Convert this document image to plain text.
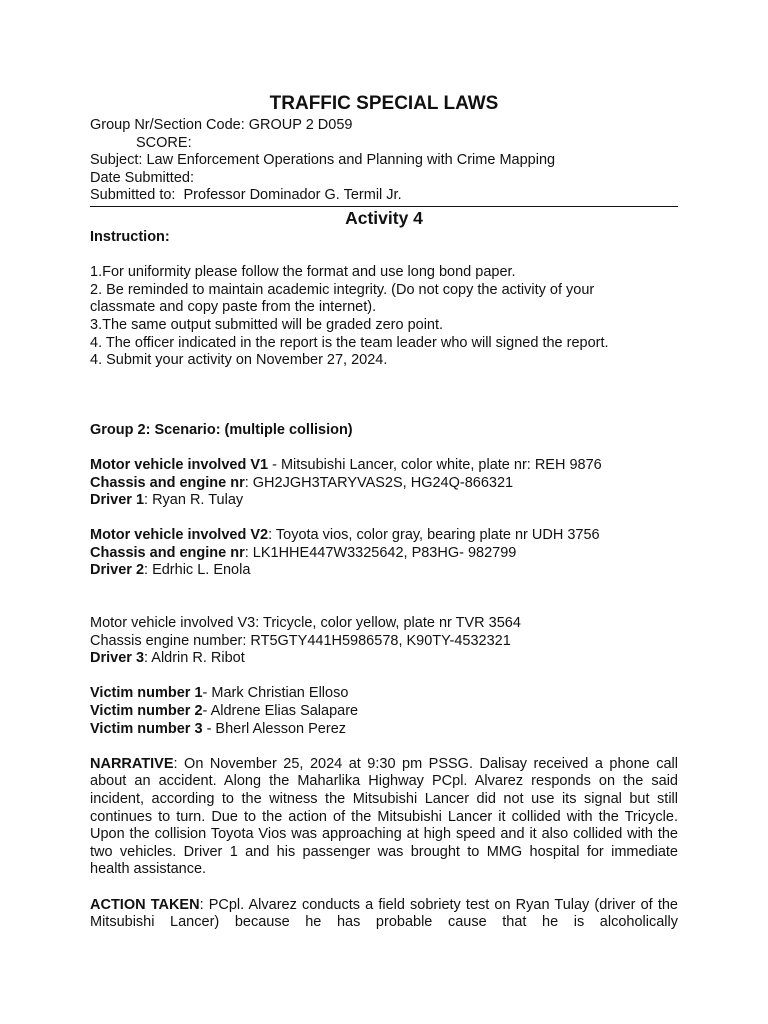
TRAFFIC SPECIAL LAWS
Group Nr/Section Code: GROUP 2 D059
SCORE:
Subject: Law Enforcement Operations and Planning with Crime Mapping
Date Submitted:
Submitted to: Professor Dominador G. Termil Jr.
Activity 4
Instruction:
1.For uniformity please follow the format and use long bond paper.
2. Be reminded to maintain academic integrity. (Do not copy the activity of your
classmate and copy paste from the internet).
3.The same output submitted will be graded zero point.
4. The officer indicated in the report is the team leader who will signed the report.
4. Submit your activity on November 27, 2024.
Group 2: Scenario: (multiple collision)
Motor vehicle involved V1 - Mitsubishi Lancer, color white, plate nr: REH 9876
Chassis and engine nr: GH2JGH3TARYVAS2S, HG24Q-866321
Driver 1: Ryan R. Tulay
Motor vehicle involved V2: Toyota vios, color gray, bearing plate nr UDH 3756
Chassis and engine nr: LK1HHE447W3325642, P83HG- 982799
Driver 2: Edrhic L. Enola
Motor vehicle involved V3: Tricycle, color yellow, plate nr TVR 3564
Chassis engine number: RT5GTY441H5986578, K90TY-4532321
Driver 3: Aldrin R. Ribot
Victim number 1- Mark Christian Elloso
Victim number 2- Aldrene Elias Salapare
Victim number 3 - Bherl Alesson Perez

NARRATIVE: On November 25, 2024 at 9:30 pm PSSG. Dalisay received a phone call about an accident. Along the Maharlika Highway PCpl. Alvarez responds on the said incident, according to the witness the Mitsubishi Lancer did not use its signal but still continues to turn. Due to the action of the Mitsubishi Lancer it collided with the Tricycle. Upon the collision Toyota Vios was approaching at high speed and it also collided with the two vehicles. Driver 1 and his passenger was brought to MMG hospital for immediate health assistance.

ACTION TAKEN: PCpl. Alvarez conducts a field sobriety test on Ryan Tulay (driver of the Mitsubishi Lancer) because he has probable cause that he is alcoholically
